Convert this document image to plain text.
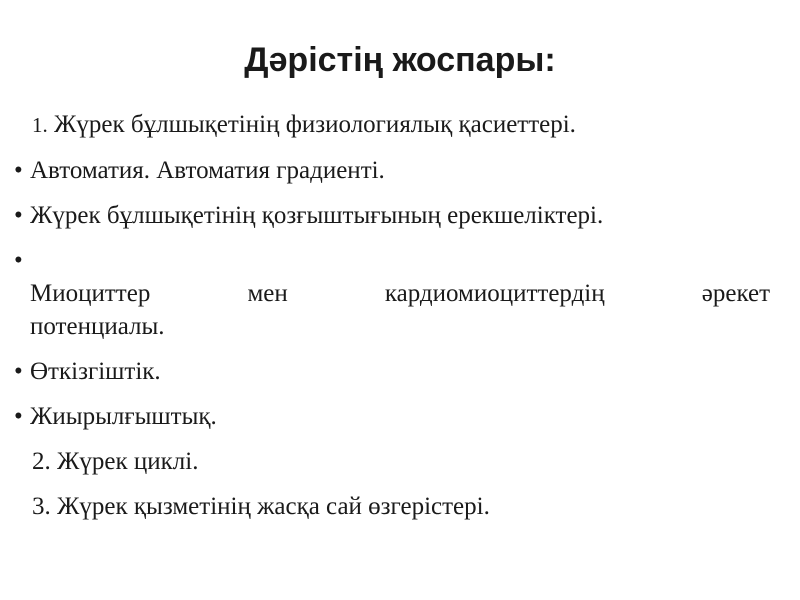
Дәрістің жоспары:
1. Жүрек бұлшықетінің физиологиялық қасиеттері.
• Автоматия. Автоматия градиенті.
• Жүрек бұлшықетінің қозғыштығының ерекшеліктері.
• Миоциттер мен кардиомиоциттердің әрекет
потенциалы.
• Өткізгіштік.
• Жиырылғыштық.
2. Жүрек циклі.
3. Жүрек қызметінің жасқа сай өзгерістері.
